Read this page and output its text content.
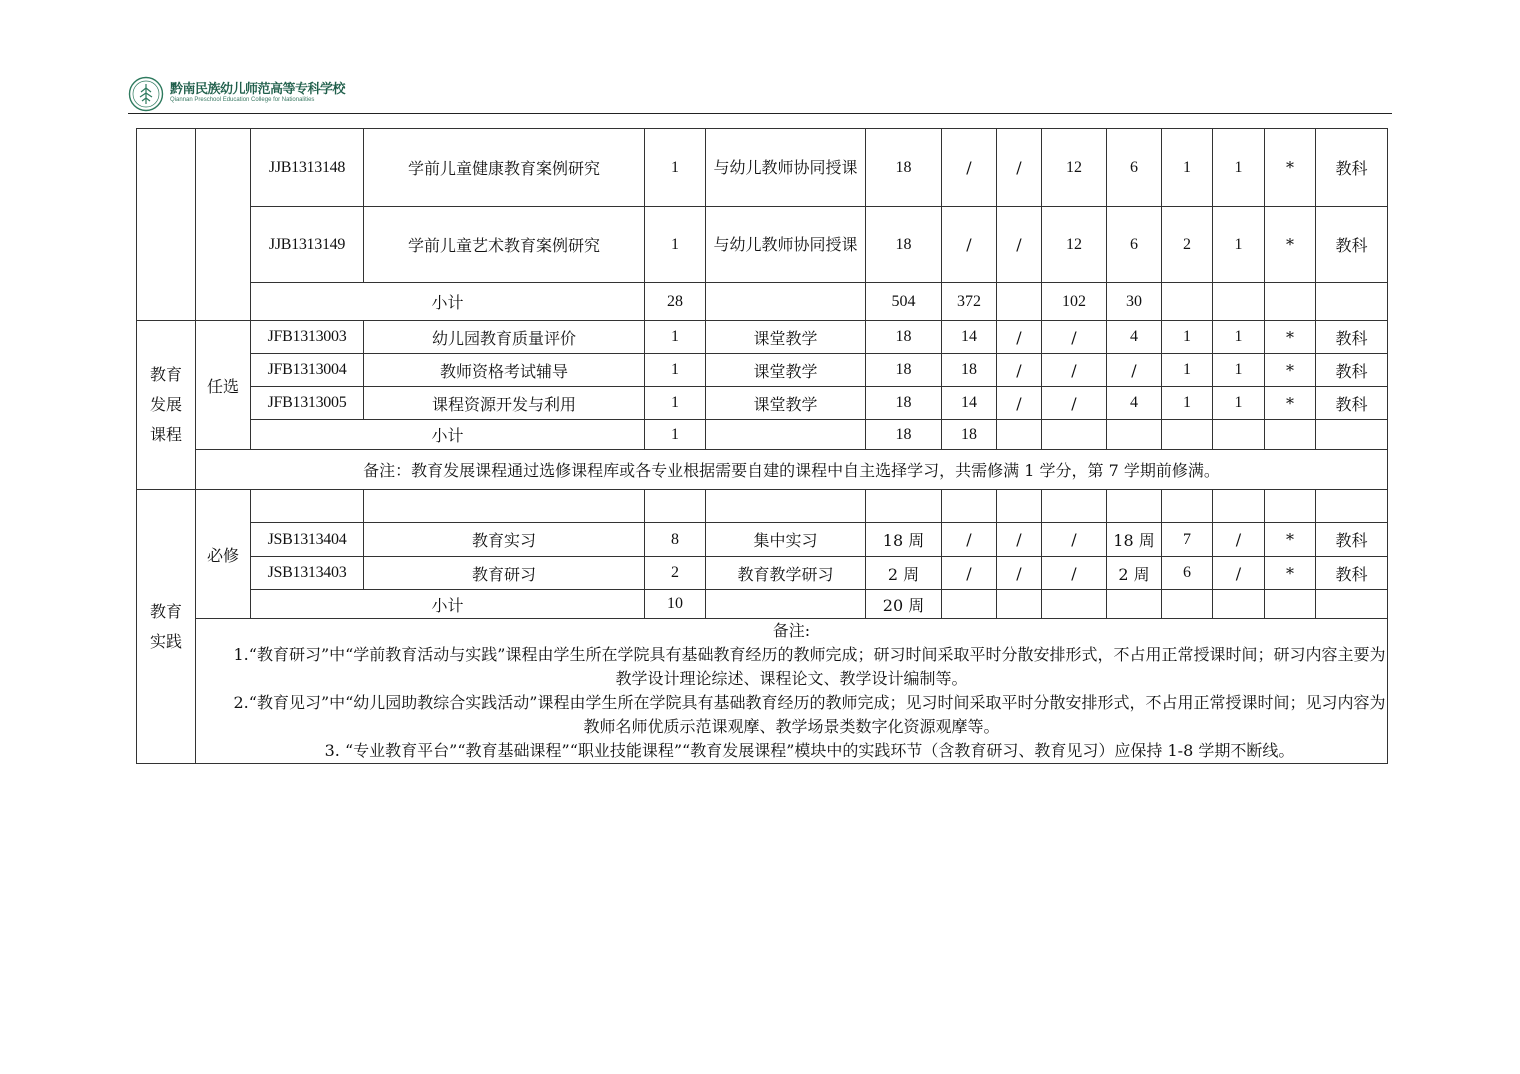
黔南民族幼儿师范高等专科学校
Qiannan Preschool Education College for Nationalities
		JJB1313148	学前儿童健康教育案例研究	1	与幼儿教师协同授课	18	/	/	12	6	1	1	*	教科
		JJB1313149	学前儿童艺术教育案例研究	1	与幼儿教师协同授课	18	/	/	12	6	2	1	*	教科
		小计		28		504	372		102	30				
教育发展课程	任选	JFB1313003	幼儿园教育质量评价	1	课堂教学	18	14	/	/	4	1	1	*	教科
		JFB1313004	教师资格考试辅导	1	课堂教学	18	18	/	/	/	1	1	*	教科
		JFB1313005	课程资源开发与利用	1	课堂教学	18	14	/	/	4	1	1	*	教科
		小计		1		18	18							
	备注：教育发展课程通过选修课程库或各专业根据需要自建的课程中自主选择学习，共需修满 1 学分，第 7 学期前修满。													
教育实践	必修													
		JSB1313404	教育实习	8	集中实习	18 周	/	/	/	18 周	7	/	*	教科
		JSB1313403	教育研习	2	教育教学研习	2 周	/	/	/	2 周	6	/	*	教科
		小计		10		20 周								

	备注:
1.“教育研习”中“学前教育活动与实践”课程由学生所在学院具有基础教育经历的教师完成；研习时间采取平时分散安排形式，不占用正常授课时间；研习内容主要为教学设计理论综述、课程论文、教学设计编制等。
2.“教育见习”中“幼儿园助教综合实践活动”课程由学生所在学院具有基础教育经历的教师完成；见习时间采取平时分散安排形式，不占用正常授课时间；见习内容为教师名师优质示范课观摩、教学场景类数字化资源观摩等。
3. “专业教育平台”“教育基础课程”“职业技能课程”“教育发展课程”模块中的实践环节（含教育研习、教育见习）应保持 1-8 学期不断线。													
